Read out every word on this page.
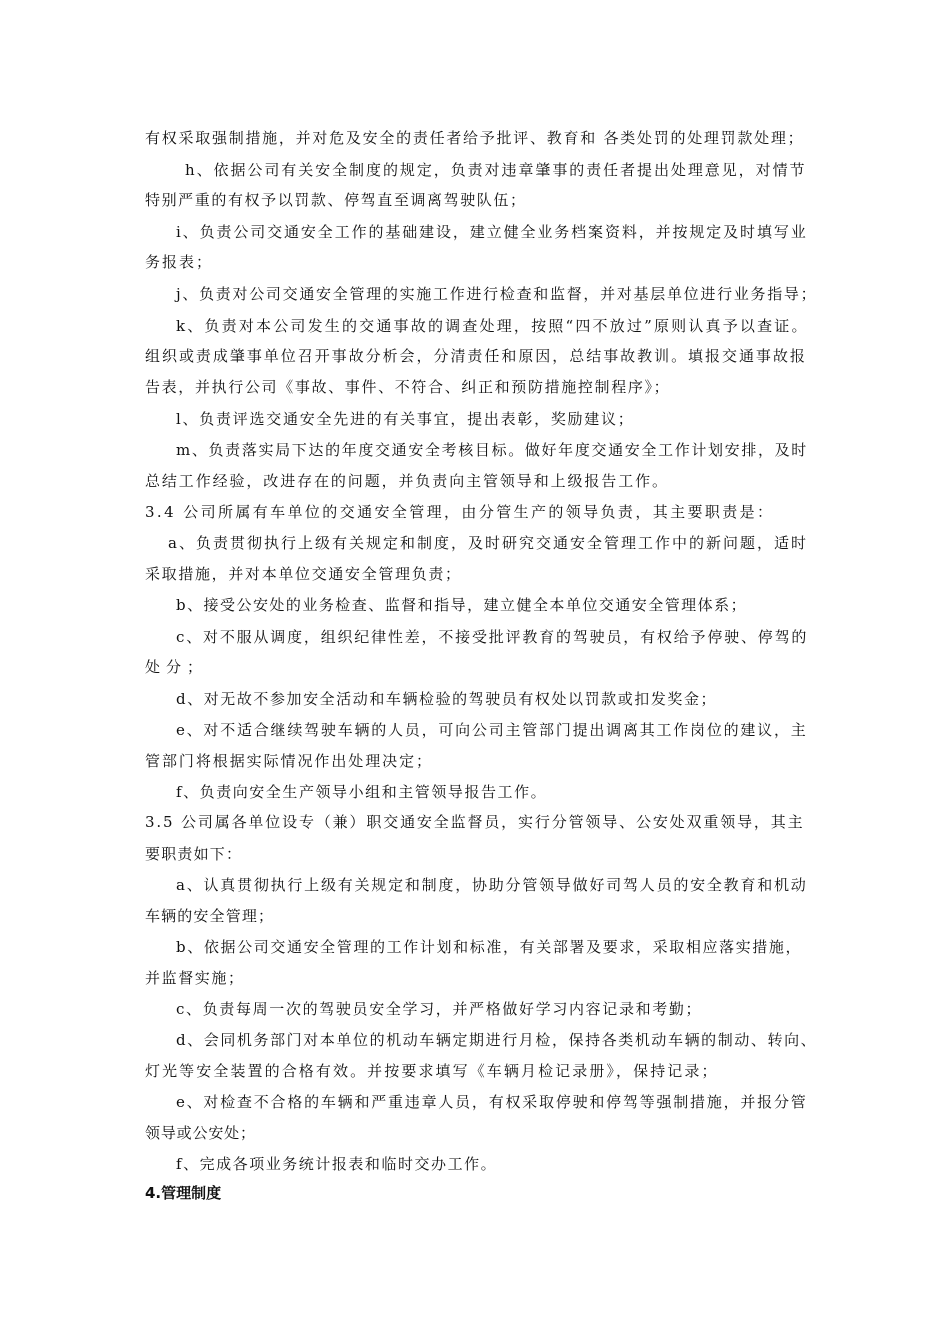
有权采取强制措施，并对危及安全的责任者给予批评、教育和 各类处罚的处理罚款处理；
h、依据公司有关安全制度的规定，负责对违章肇事的责任者提出处理意见，对情节
特别严重的有权予以罚款、停驾直至调离驾驶队伍；
i、负责公司交通安全工作的基础建设，建立健全业务档案资料，并按规定及时填写业
务报表；
j、负责对公司交通安全管理的实施工作进行检查和监督，并对基层单位进行业务指导；
k、负责对本公司发生的交通事故的调查处理，按照“四不放过”原则认真予以查证。
组织或责成肇事单位召开事故分析会，分清责任和原因，总结事故教训。填报交通事故报
告表，并执行公司《事故、事件、不符合、纠正和预防措施控制程序》；
l、负责评选交通安全先进的有关事宜，提出表彰，奖励建议；
m、负责落实局下达的年度交通安全考核目标。做好年度交通安全工作计划安排，及时
总结工作经验，改进存在的问题，并负责向主管领导和上级报告工作。
3.4 公司所属有车单位的交通安全管理，由分管生产的领导负责，其主要职责是：
a、负责贯彻执行上级有关规定和制度，及时研究交通安全管理工作中的新问题，适时
采取措施，并对本单位交通安全管理负责；
b、接受公安处的业务检查、监督和指导，建立健全本单位交通安全管理体系；
c、对不服从调度，组织纪律性差，不接受批评教育的驾驶员，有权给予停驶、停驾的
处分；
d、对无故不参加安全活动和车辆检验的驾驶员有权处以罚款或扣发奖金；
e、对不适合继续驾驶车辆的人员，可向公司主管部门提出调离其工作岗位的建议，主
管部门将根据实际情况作出处理决定；
f、负责向安全生产领导小组和主管领导报告工作。
3.5 公司属各单位设专（兼）职交通安全监督员，实行分管领导、公安处双重领导，其主
要职责如下：
a、认真贯彻执行上级有关规定和制度，协助分管领导做好司驾人员的安全教育和机动
车辆的安全管理；
b、依据公司交通安全管理的工作计划和标准，有关部署及要求，采取相应落实措施，
并监督实施；
c、负责每周一次的驾驶员安全学习，并严格做好学习内容记录和考勤；
d、会同机务部门对本单位的机动车辆定期进行月检，保持各类机动车辆的制动、转向、
灯光等安全装置的合格有效。并按要求填写《车辆月检记录册》，保持记录；
e、对检查不合格的车辆和严重违章人员，有权采取停驶和停驾等强制措施，并报分管
领导或公安处；
f、完成各项业务统计报表和临时交办工作。
4.管理制度
